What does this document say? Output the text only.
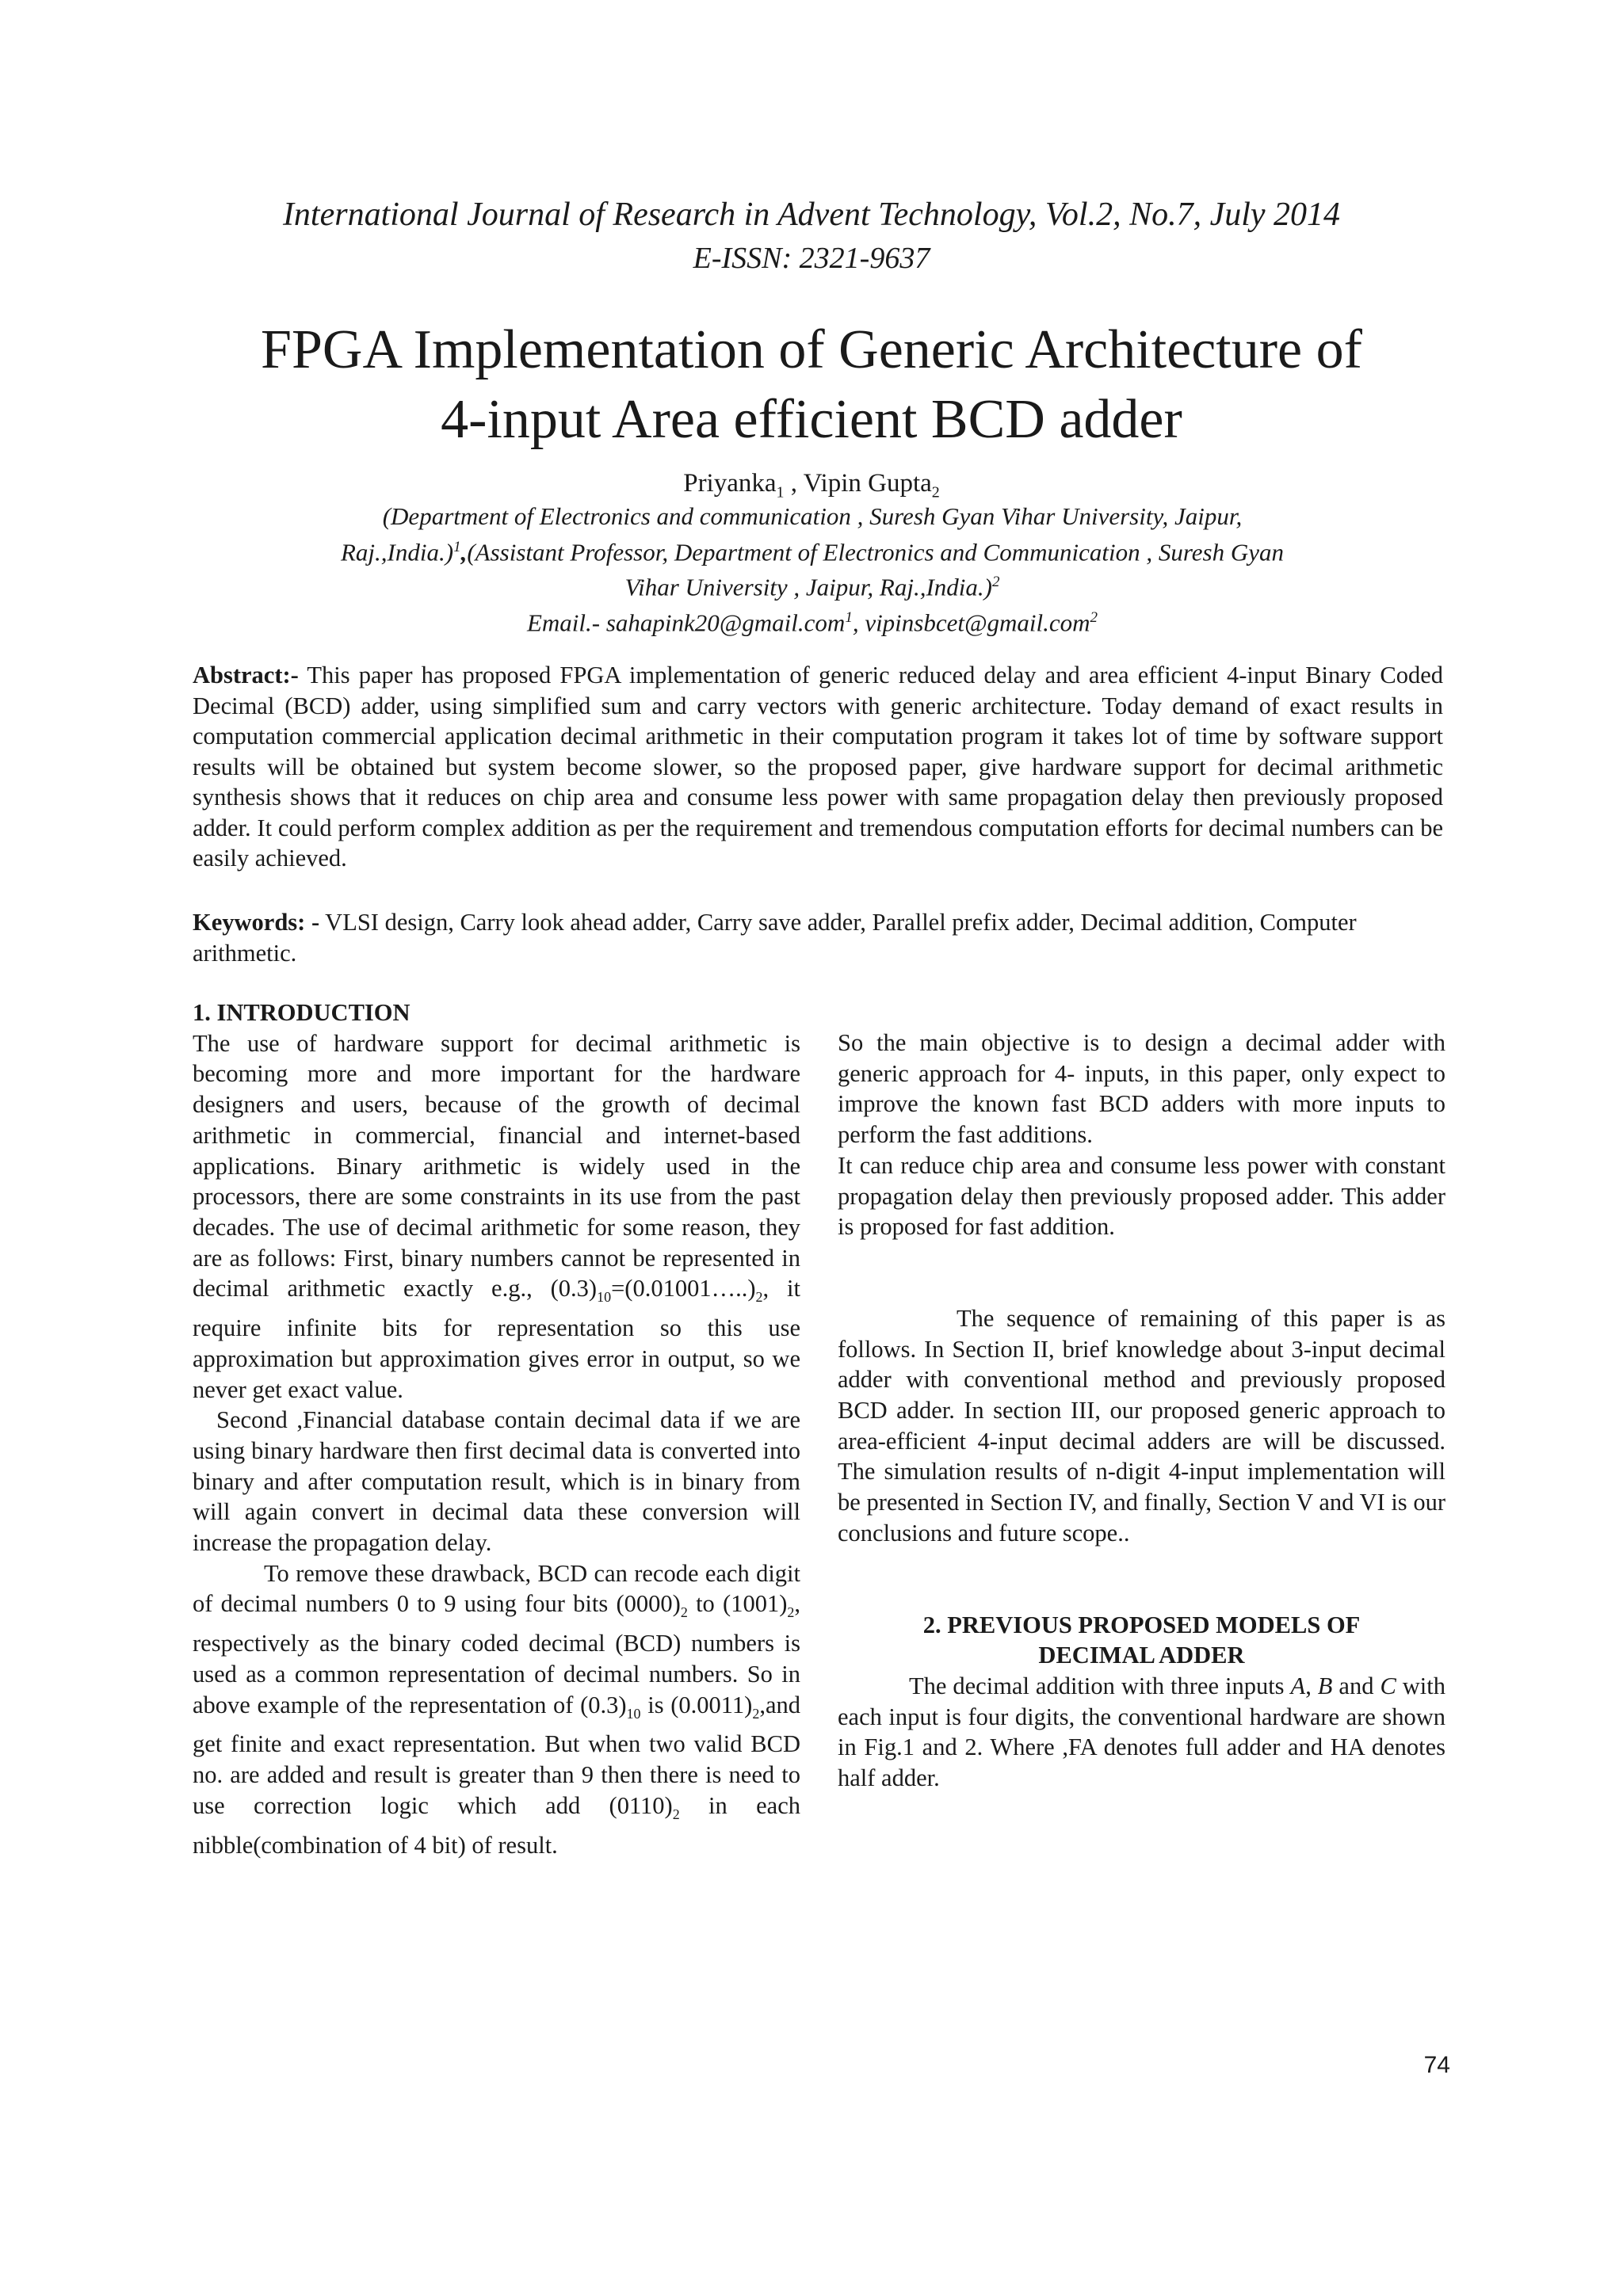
International Journal of Research in Advent Technology, Vol.2, No.7, July 2014
E-ISSN: 2321-9637
FPGA Implementation of Generic Architecture of
4-input Area efficient BCD adder
Priyanka$_1$ , Vipin Gupta$_2$
(Department of Electronics and communication , Suresh Gyan Vihar University, Jaipur,
Raj.,India.)$^1$,(Assistant Professor, Department of Electronics and Communication , Suresh Gyan
Vihar University , Jaipur, Raj.,India.)$^2$
Email.- sahapink20@gmail.com$^1$, vipinsbcet@gmail.com$^2$
Abstract:- This paper has proposed FPGA implementation of generic reduced delay and area efficient 4-input Binary Coded Decimal (BCD) adder, using simplified sum and carry vectors with generic architecture. Today demand of exact results in computation commercial application decimal arithmetic in their computation program it takes lot of time by software support results will be obtained but system become slower, so the proposed paper, give hardware support for decimal arithmetic synthesis shows that it reduces on chip area and consume less power with same propagation delay then previously proposed adder. It could perform complex addition as per the requirement and tremendous computation efforts for decimal numbers can be easily achieved.
Keywords: - VLSI design, Carry look ahead adder, Carry save adder, Parallel prefix adder, Decimal addition, Computer arithmetic.

1. INTRODUCTION

The use of hardware support for decimal arithmetic is becoming more and more important for the hardware designers and users, because of the growth of decimal arithmetic in commercial, financial and internet-based applications. Binary arithmetic is widely used in the processors, there are some constraints in its use from the past decades. The use of decimal arithmetic for some reason, they are as follows: First, binary numbers cannot be represented in decimal arithmetic exactly e.g., $(0.3)_{10}=(0.01001\dots..)_2$, it require infinite bits for representation so this use approximation but approximation gives error in output, so we never get exact value.

Second ,Financial database contain decimal data if we are using binary hardware then first decimal data is converted into binary and after computation result, which is in binary from will again convert in decimal data these conversion will increase the propagation delay.

To remove these drawback, BCD can recode each digit of decimal numbers 0 to 9 using four bits $(0000)_2$ to $(1001)_2$, respectively as the binary coded decimal (BCD) numbers is used as a common representation of decimal numbers. So in above example of the representation of $(0.3)_{10}$ is $(0.0011)_2,and$ get finite and exact representation. But when two valid BCD no. are added and result is greater than 9 then there is need to use correction logic which add $(0110)_2$ in each nibble(combination of 4 bit) of result.

So the main objective is to design a decimal adder with generic approach for 4- inputs, in this paper, only expect to improve the known fast BCD adders with more inputs to perform the fast additions.

It can reduce chip area and consume less power with constant propagation delay then previously proposed adder. This adder is proposed for fast addition.

The sequence of remaining of this paper is as follows. In Section II, brief knowledge about 3-input decimal adder with conventional method and previously proposed BCD adder. In section III, our proposed generic approach to area-efficient 4-input decimal adders are will be discussed. The simulation results of n-digit 4-input implementation will be presented in Section IV, and finally, Section V and VI is our conclusions and future scope..

2. PREVIOUS PROPOSED MODELS OF

DECIMAL ADDER

The decimal addition with three inputs A, B and C with each input is four digits, the conventional hardware are shown in Fig.1 and 2. Where ,FA denotes full adder and HA denotes half adder.

74
